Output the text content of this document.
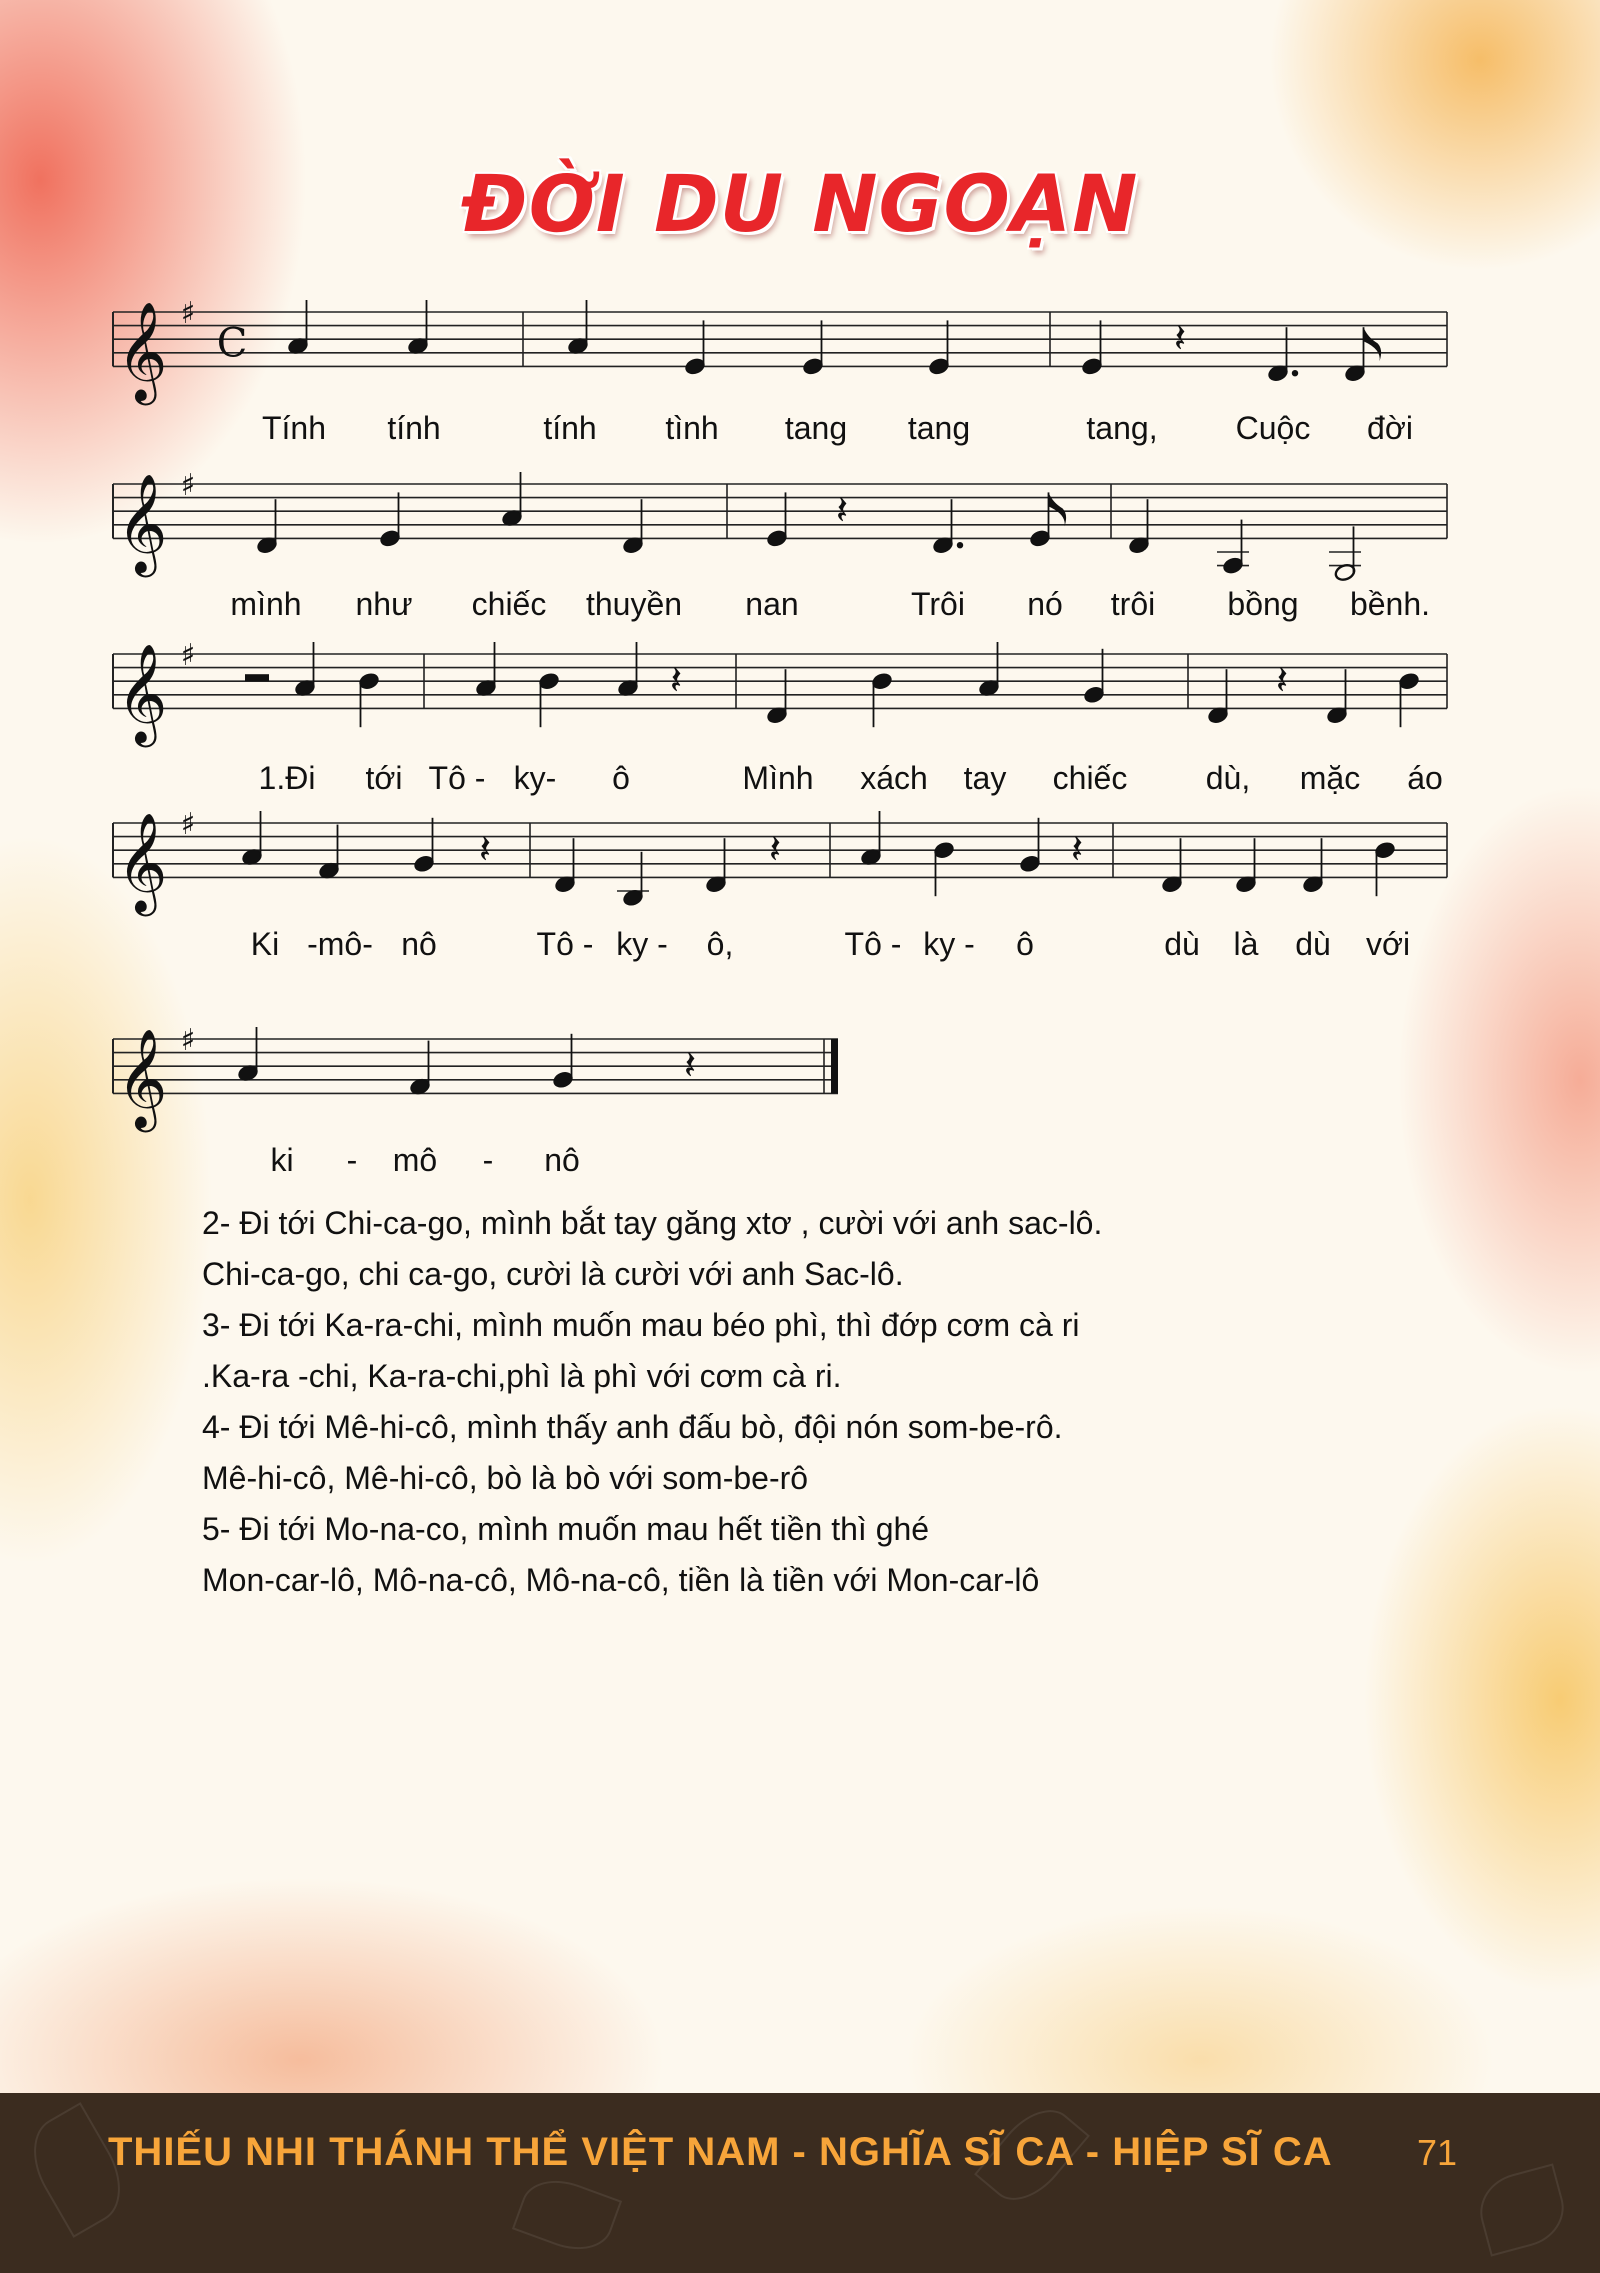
ĐỜI DU NGOẠN
𝄞 ♯
C	𝄽
Tính tính	tính tình tang tang	tang, Cuộc đời
𝄞 ♯
𝄽
mình như chiếc thuyền nan	Trôi nó trôi bồng bềnh.
𝄞 ♯
𝄽	𝄽
1.Đi tới Tô - ky- ô	Mình xách tay chiếc dù, mặc áo
𝄞 ♯
𝄽	𝄽	𝄽
Ki -mô- nô	Tô - ky - ô,	Tô - ky - ô	dù là dù với
𝄞 ♯
𝄽
ki - mô - nô
2- Đi tới Chi-ca-go, mình bắt tay găng xtơ , cười với anh sac-lô.
Chi-ca-go, chi ca-go, cười là cười với anh Sac-lô.
3- Đi tới Ka-ra-chi, mình muốn mau béo phì, thì đớp cơm cà ri
.Ka-ra -chi, Ka-ra-chi,phì là phì với cơm cà ri.
4- Đi tới Mê-hi-cô, mình thấy anh đấu bò, đội nón som-be-rô.
Mê-hi-cô, Mê-hi-cô, bò là bò với som-be-rô
5- Đi tới Mo-na-co, mình muốn mau hết tiền thì ghé
Mon-car-lô, Mô-na-cô, Mô-na-cô, tiền là tiền với Mon-car-lô
THIẾU NHI THÁNH THỂ VIỆT NAM - NGHĨA SĨ CA - HIỆP SĨ CA 71
